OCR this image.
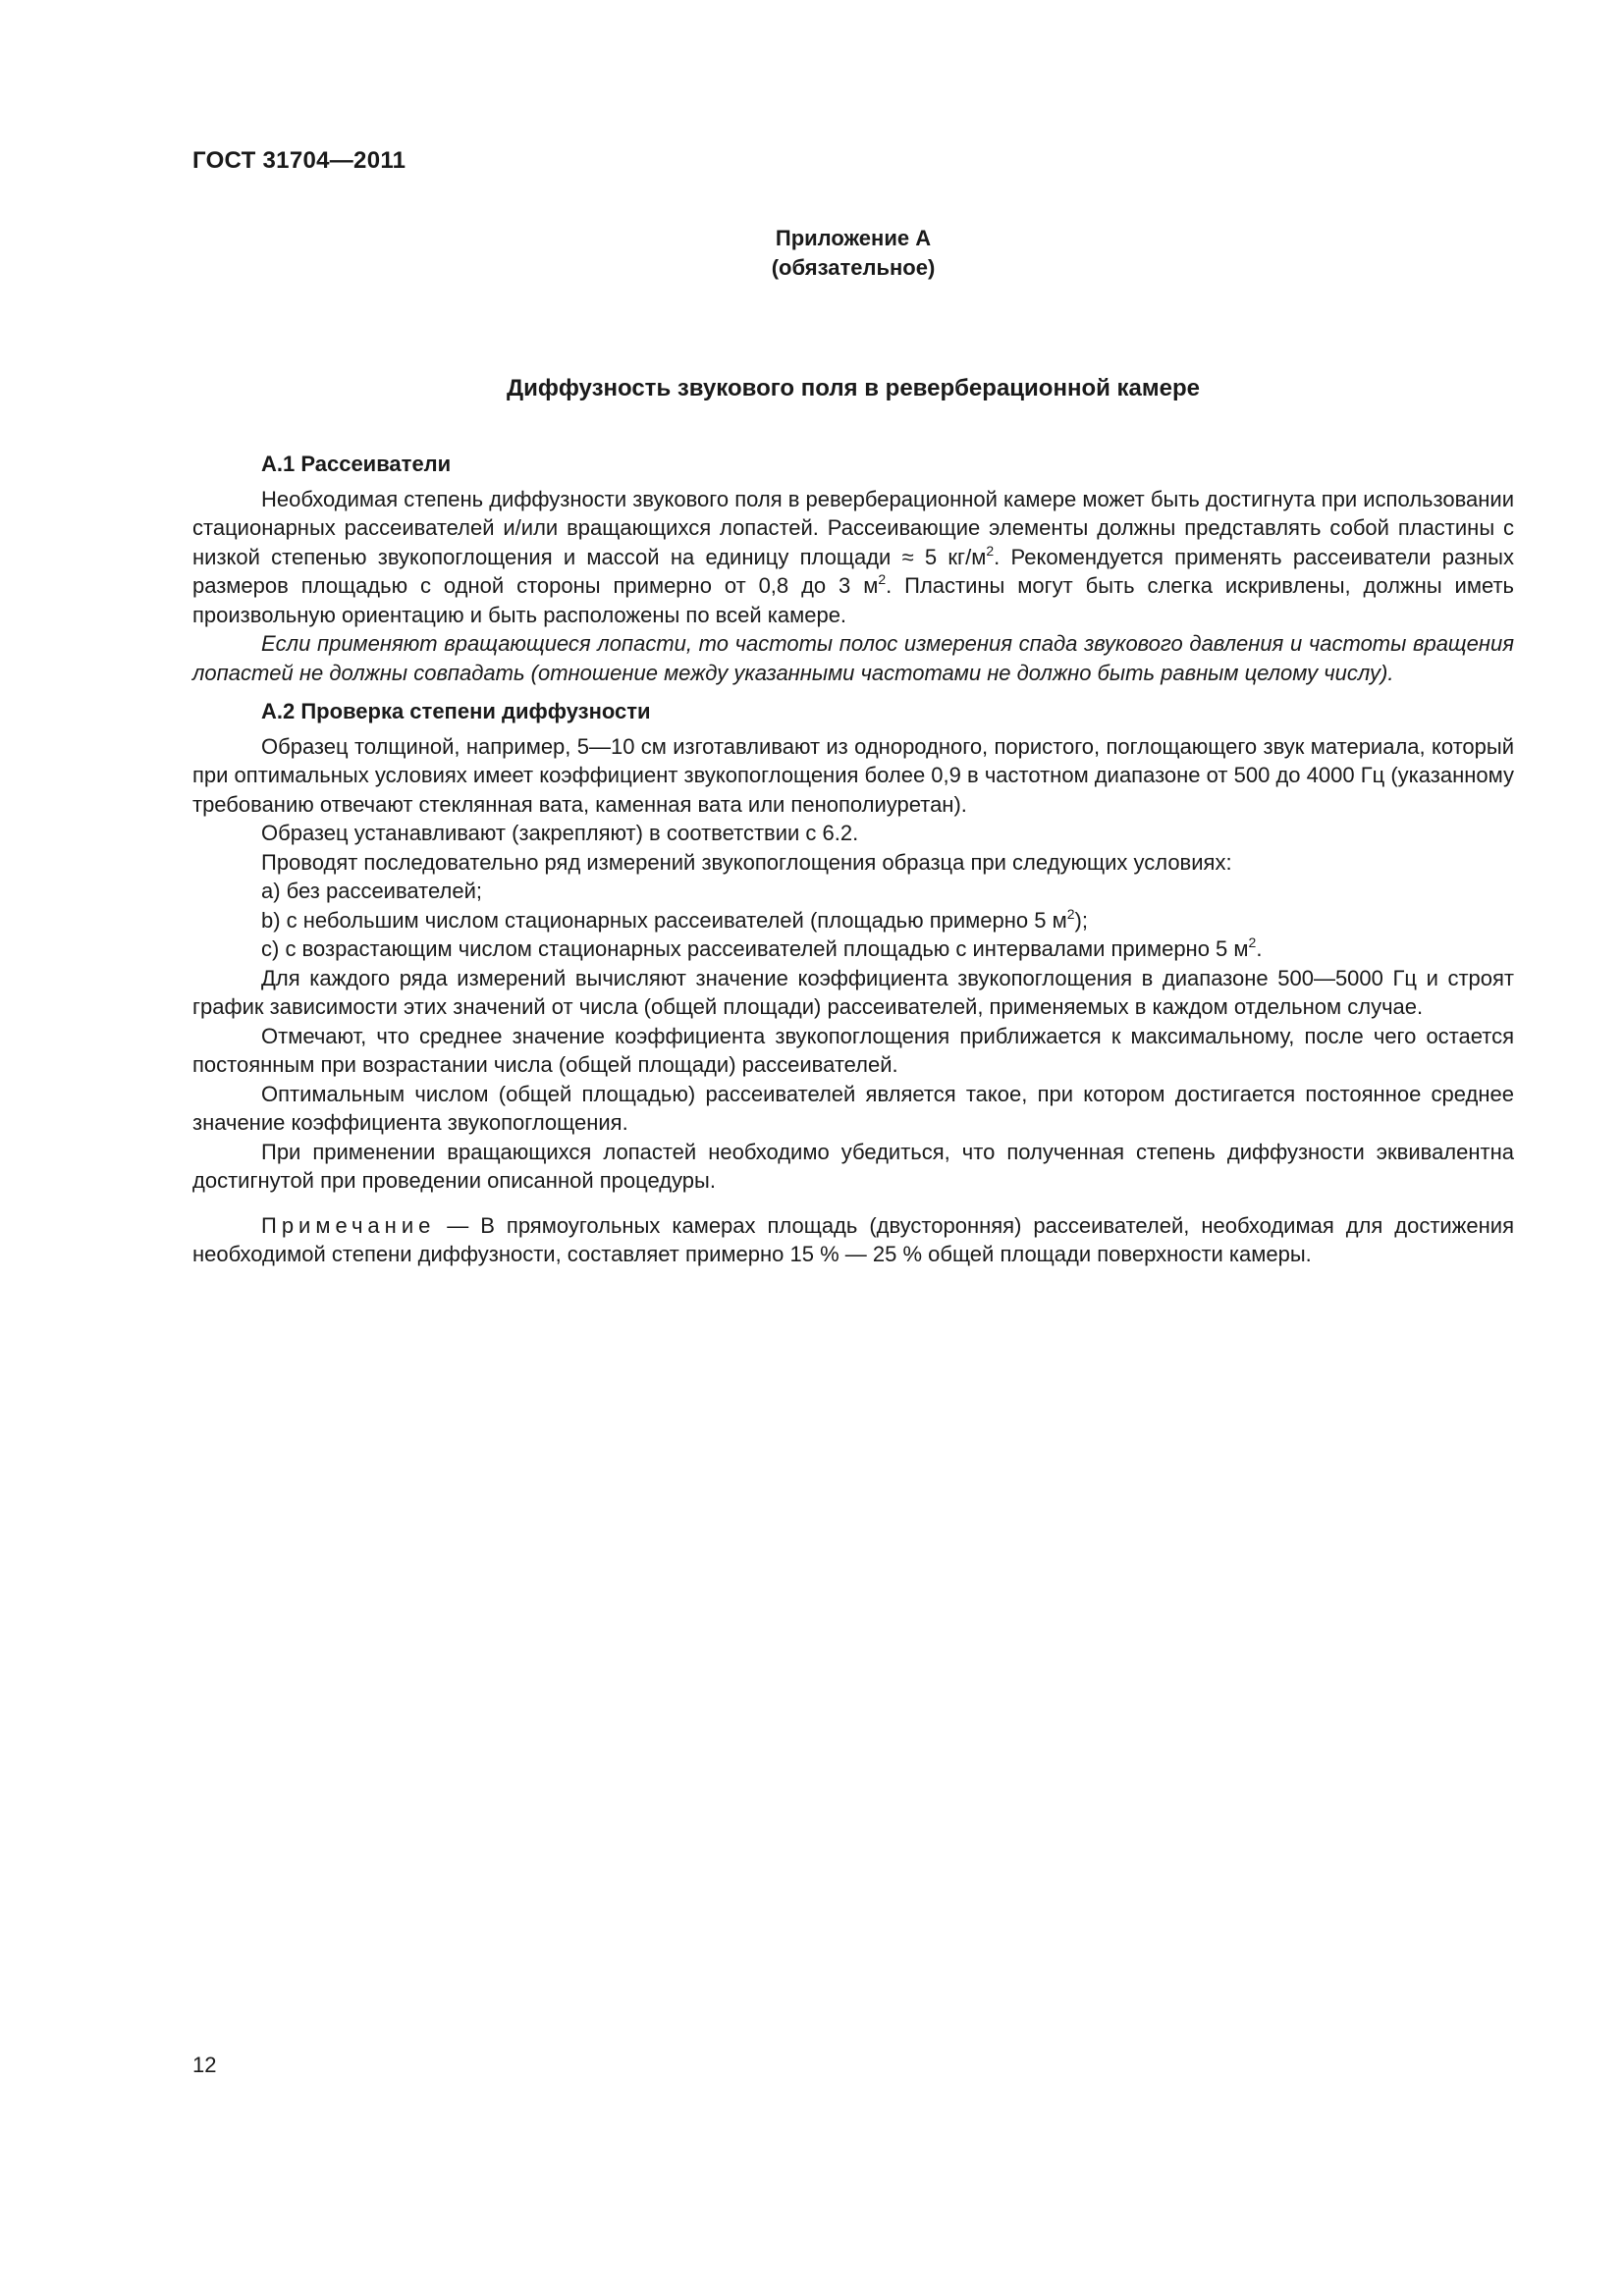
ГОСТ 31704—2011
Приложение А
(обязательное)
Диффузность звукового поля в реверберационной камере
А.1 Рассеиватели

Необходимая степень диффузности звукового поля в реверберационной камере может быть достигнута при использовании стационарных рассеивателей и/или вращающихся лопастей. Рассеивающие элементы должны представлять собой пластины с низкой степенью звукопоглощения и массой на единицу площади ≈ 5 $кг/м^2$. Рекомендуется применять рассеиватели разных размеров площадью с одной стороны примерно от 0,8 до 3 $м^2$. Пластины могут быть слегка искривлены, должны иметь произвольную ориентацию и быть расположены по всей камере.

Если применяют вращающиеся лопасти, то частоты полос измерения спада звукового давления и частоты вращения лопастей не должны совпадать (отношение между указанными частотами не должно быть равным целому числу).

А.2 Проверка степени диффузности

Образец толщиной, например, 5—10 см изготавливают из однородного, пористого, поглощающего звук материала, который при оптимальных условиях имеет коэффициент звукопоглощения более 0,9 в частотном диапазоне от 500 до 4000 Гц (указанному требованию отвечают стеклянная вата, каменная вата или пенополиуретан).

Образец устанавливают (закрепляют) в соответствии с 6.2.

Проводят последовательно ряд измерений звукопоглощения образца при следующих условиях:

а) без рассеивателей;

b) с небольшим числом стационарных рассеивателей (площадью примерно 5 $м^2$);

с) с возрастающим числом стационарных рассеивателей площадью с интервалами примерно 5 $м^2$.

Для каждого ряда измерений вычисляют значение коэффициента звукопоглощения в диапазоне 500—5000 Гц и строят график зависимости этих значений от числа (общей площади) рассеивателей, применяемых в каждом отдельном случае.

Отмечают, что среднее значение коэффициента звукопоглощения приближается к максимальному, после чего остается постоянным при возрастании числа (общей площади) рассеивателей.

Оптимальным числом (общей площадью) рассеивателей является такое, при котором достигается постоянное среднее значение коэффициента звукопоглощения.

При применении вращающихся лопастей необходимо убедиться, что полученная степень диффузности эквивалентна достигнутой при проведении описанной процедуры.

Примечание — В прямоугольных камерах площадь (двусторонняя) рассеивателей, необходимая для достижения необходимой степени диффузности, составляет примерно 15 % — 25 % общей площади поверхности камеры.

12
